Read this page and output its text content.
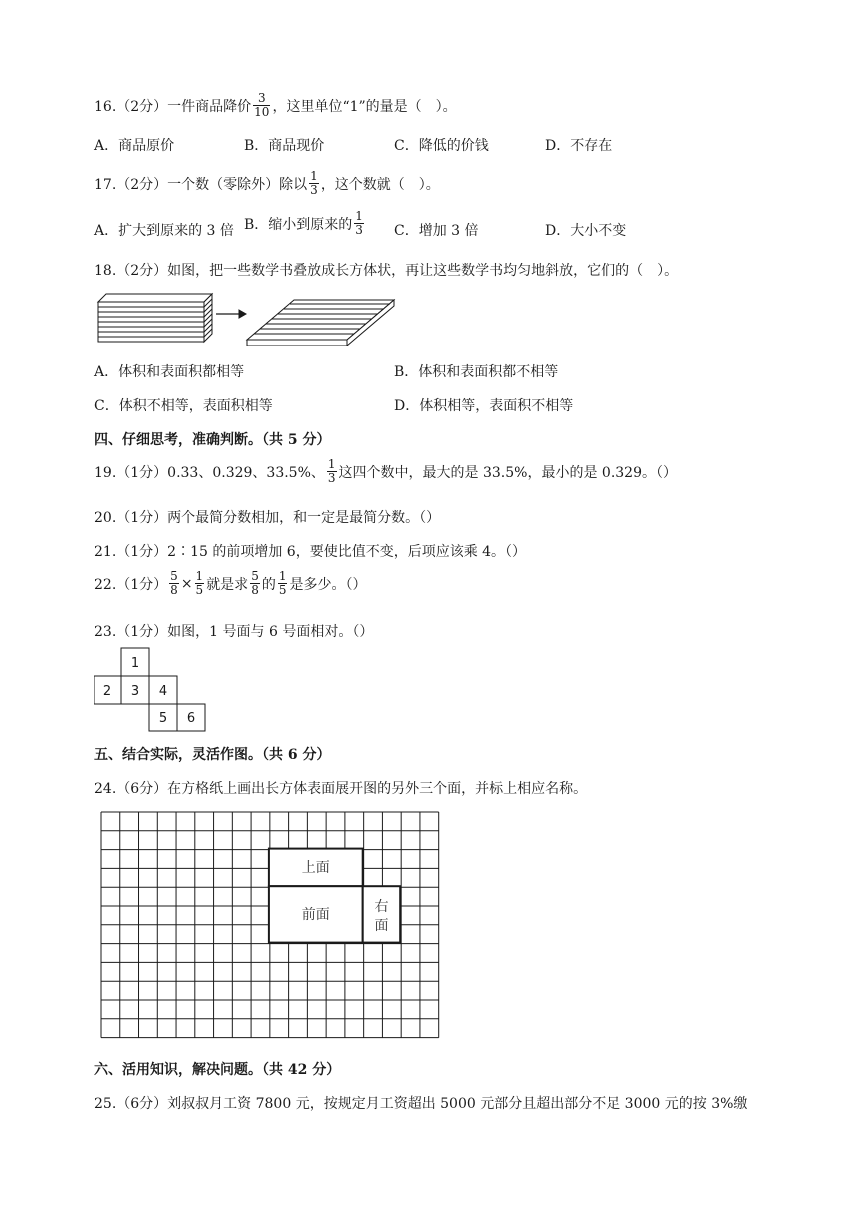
16.（2分）一件商品降价 $\frac{3}{10}$ ，这里单位“1”的量是（　）。
A．商品原价	B．商品现价	C．降低的价钱	D．不存在
17.（2分）一个数（零除外）除以 $\frac{1}{3}$ ，这个数就（　）。
A．扩大到原来的 3 倍 B．缩小到原来的 $\frac{1}{3}$ C．增加 3 倍	D．大小不变
18.（2分）如图，把一些数学书叠放成长方体状，再让这些数学书均匀地斜放，它们的（　）。
A．体积和表面积都相等	B．体积和表面积都不相等
C．体积不相等，表面积相等	D．体积相等，表面积不相等
四、仔细思考，准确判断。（共 5 分）
19.（1分）0.33、0.329、33.5%、 $\frac{1}{3}$ 这四个数中，最大的是 33.5%，最小的是 0.329。（）
20.（1分）两个最简分数相加，和一定是最简分数。（）
21.（1分）2∶15 的前项增加 6，要使比值不变，后项应该乘 4。（）
22.（1分） $\frac{5}{8} \times \frac{1}{5}$ 就是求 $\frac{5}{8}$ 的 $\frac{1}{5}$ 是多少。（）
23.（1分）如图，1 号面与 6 号面相对。（）
1
2 3 4
5 6
五、结合实际，灵活作图。（共 6 分）
24.（6分）在方格纸上画出长方体表面展开图的另外三个面，并标上相应名称。
上面
前面	右
面
六、活用知识，解决问题。（共 42 分）
25.（6分）刘叔叔月工资 7800 元，按规定月工资超出 5000 元部分且超出部分不足 3000 元的按 3%缴
